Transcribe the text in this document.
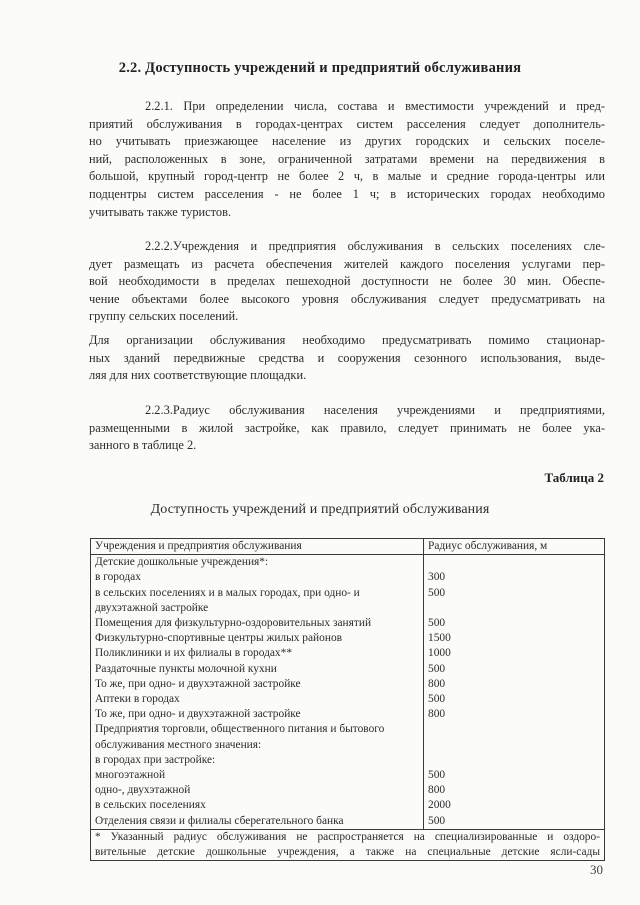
2.2. Доступность учреждений и предприятий обслуживания

2.2.1. При определении числа, состава и вместимости учреждений и пред-
приятий обслуживания в городах-центрах систем расселения следует дополнитель-
но учитывать приезжающее население из других городских и сельских поселе-
ний, расположенных в зоне, ограниченной затратами времени на передвижения в
большой, крупный город-центр не более 2 ч, в малые и средние города-центры или
подцентры систем расселения - не более 1 ч; в исторических городах необходимо
учитывать также туристов.

2.2.2.Учреждения и предприятия обслуживания в сельских поселениях сле-
дует размещать из расчета обеспечения жителей каждого поселения услугами пер-
вой необходимости в пределах пешеходной доступности не более 30 мин. Обеспе-
чение объектами более высокого уровня обслуживания следует предусматривать на
группу сельских поселений.

Для организации обслуживания необходимо предусматривать помимо стационар-
ных зданий передвижные средства и сооружения сезонного использования, выде-
ляя для них соответствующие площадки.

2.2.3.Радиус обслуживания населения учреждениями и предприятиями,
размещенными в жилой застройке, как правило, следует принимать не более ука-
занного в таблице 2.

Таблица 2
Доступность учреждений и предприятий обслуживания
Учреждения и предприятия обслуживания	Радиус обслуживания, м

Детские дошкольные учреждения*:	

в городах	300

в сельских поселениях и в малых городах, при одно- и
двухэтажной застройке	500

Помещения для физкультурно-оздоровительных занятий	500

Физкультурно-спортивные центры жилых районов	1500

Поликлиники и их филиалы в городах**	1000

Раздаточные пункты молочной кухни	500

То же, при одно- и двухэтажной застройке	800

Аптеки в городах	500

То же, при одно- и двухэтажной застройке	800

Предприятия торговли, общественного питания и бытового
обслуживания местного значения:	

в городах при застройке:	

многоэтажной	500

одно-, двухэтажной	800

в сельских поселениях	2000

Отделения связи и филиалы сберегательного банка	500

* Указанный радиус обслуживания не распространяется на специализированные и оздоро-
вительные детские дошкольные учреждения, а также на специальные детские ясли-сады	
30
